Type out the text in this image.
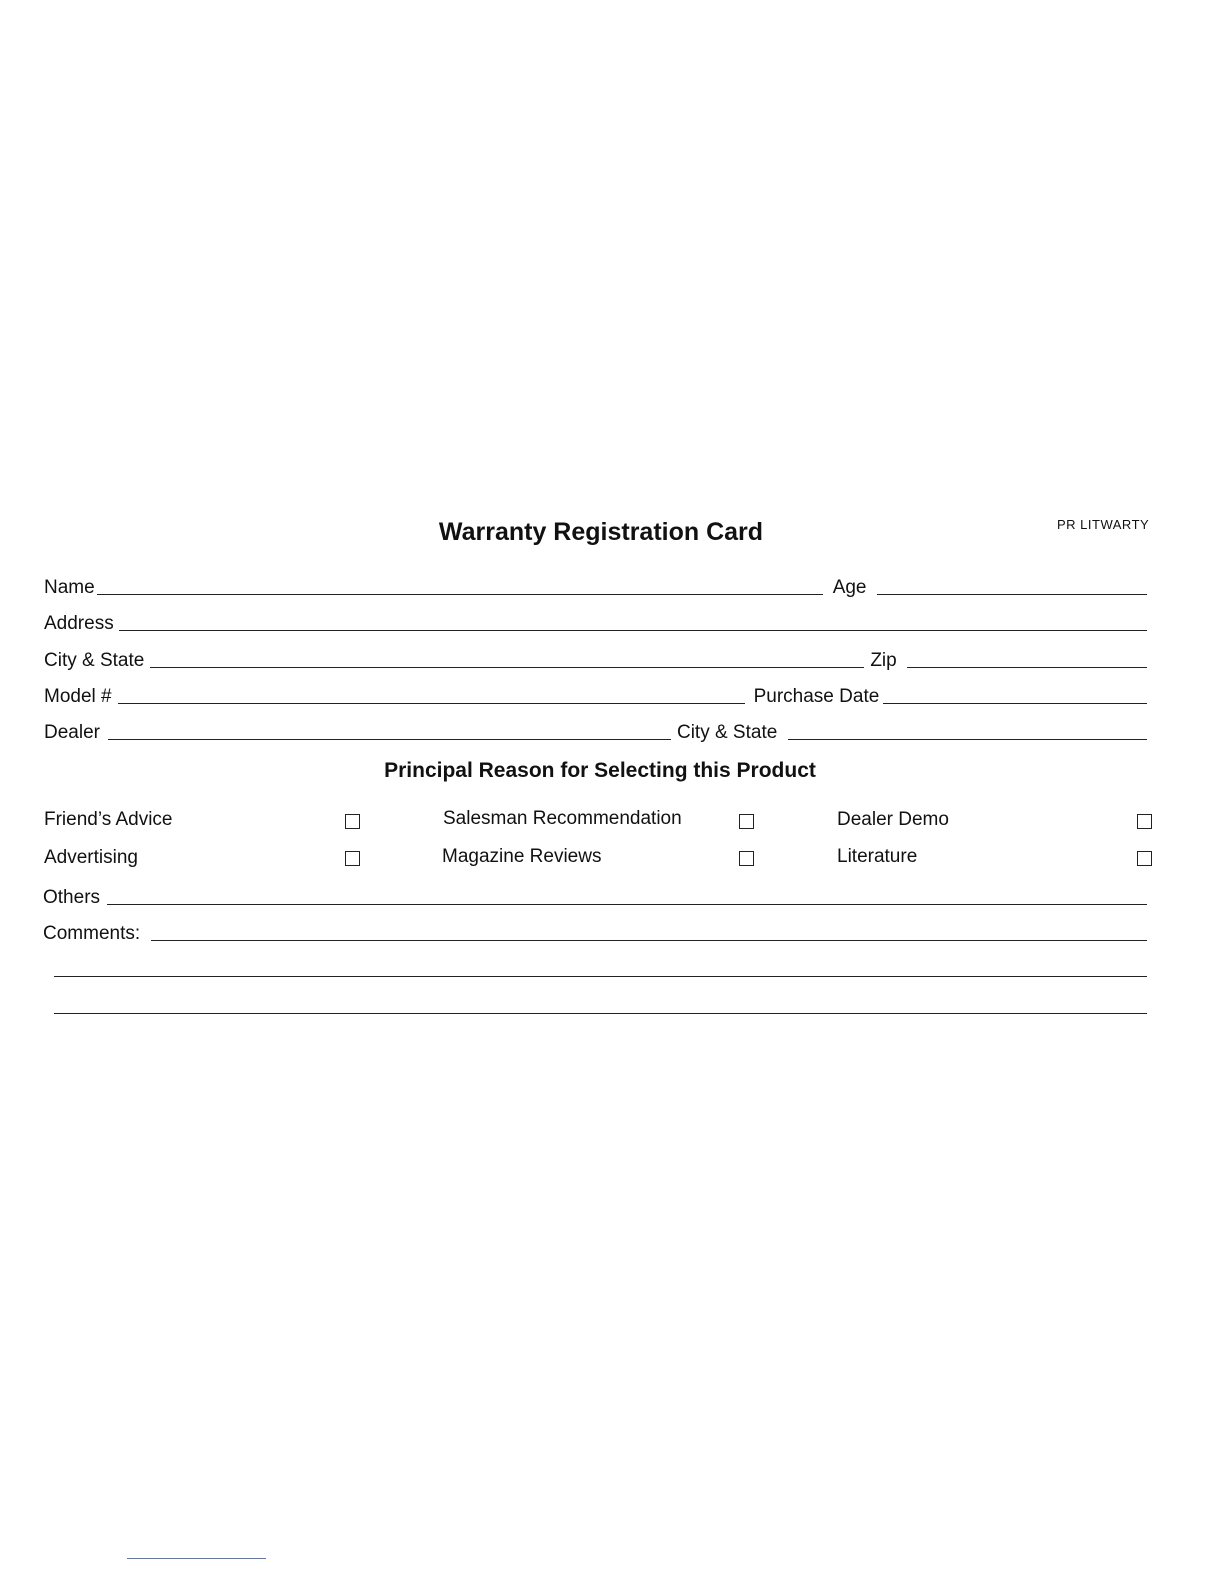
Warranty Registration Card	PR LITWARTY
Name	Age
Address
City & State	Zip
Model #	Purchase Date
Dealer	City & State
Principal Reason for Selecting this Product
Friend’s Advice	Salesman Recommendation	Dealer Demo
Advertising	Magazine Reviews	Literature
Others
Comments:
